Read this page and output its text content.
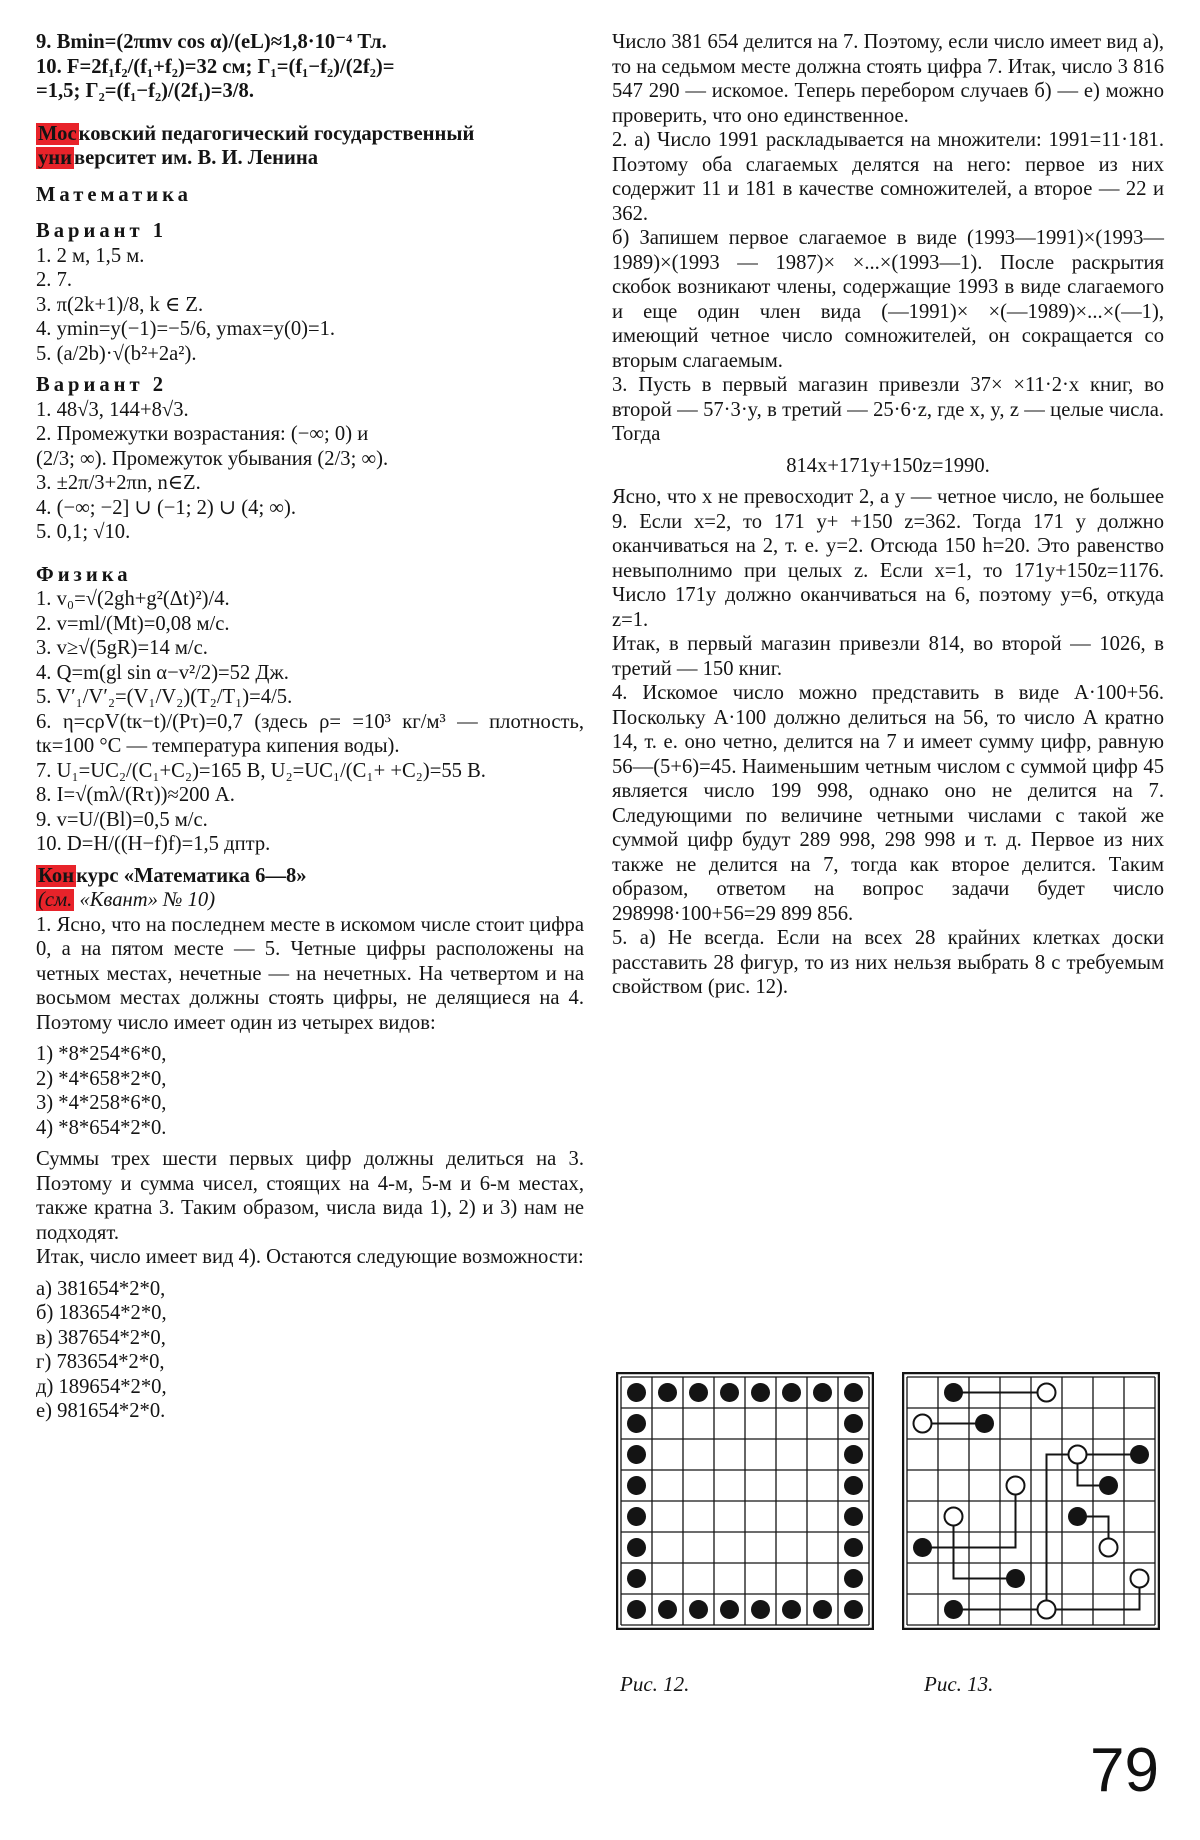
9. Bmin=(2πmv cos α)/(eL)≈1,8·10⁻⁴ Тл.

10. F=2f₁f₂/(f₁+f₂)=32 см; Γ₁=(f₁−f₂)/(2f₂)=

=1,5; Γ₂=(f₁−f₂)/(2f₁)=3/8.

Московский педагогический государственный

университет им. В. И. Ленина

Математика

Вариант 1

1. 2 м, 1,5 м.

2. 7.

3. π(2k+1)/8, k ∈ Z.

4. ymin=y(−1)=−5/6, ymax=y(0)=1.

5. (a/2b)·√(b²+2a²).

Вариант 2

1. 48√3, 144+8√3.

2. Промежутки возрастания: (−∞; 0) и

(2/3; ∞). Промежуток убывания (2/3; ∞).

3. ±2π/3+2πn, n∈Z.

4. (−∞; −2] ∪ (−1; 2) ∪ (4; ∞).

5. 0,1; √10.

Физика

1. v₀=√(2gh+g²(Δt)²)/4.

2. v=ml/(Mt)=0,08 м/с.

3. v≥√(5gR)=14 м/с.

4. Q=m(gl sin α−v²/2)=52 Дж.

5. V′₁/V′₂=(V₁/V₂)(T₂/T₁)=4/5.

6. η=cρV(tк−t)/(Pτ)=0,7 (здесь ρ= =10³ кг/м³ — плотность, tк=100 °С — температура кипения воды).

7. U₁=UC₂/(C₁+C₂)=165 В, U₂=UC₁/(C₁+ +C₂)=55 В.

8. I=√(mλ/(Rτ))≈200 А.

9. v=U/(Bl)=0,5 м/с.

10. D=H/((H−f)f)=1,5 дптр.

Конкурс «Математика 6—8»

(см. «Квант» № 10)

1. Ясно, что на последнем месте в искомом числе стоит цифра 0, а на пятом месте — 5. Четные цифры расположены на четных местах, нечетные — на нечетных. На четвертом и на восьмом местах должны стоять цифры, не делящиеся на 4. Поэтому число имеет один из четырех видов:

1) *8*254*6*0,

2) *4*658*2*0,

3) *4*258*6*0,

4) *8*654*2*0.

Суммы трех шести первых цифр должны делиться на 3. Поэтому и сумма чисел, стоящих на 4-м, 5-м и 6-м местах, также кратна 3. Таким образом, числа вида 1), 2) и 3) нам не подходят.

Итак, число имеет вид 4). Остаются следующие возможности:

а) 381654*2*0,

б) 183654*2*0,

в) 387654*2*0,

г) 783654*2*0,

д) 189654*2*0,

е) 981654*2*0.

Число 381 654 делится на 7. Поэтому, если число имеет вид а), то на седьмом месте должна стоять цифра 7. Итак, число 3 816 547 290 — искомое. Теперь перебором случаев б) — е) можно проверить, что оно единственное.

2. а) Число 1991 раскладывается на множители: 1991=11·181. Поэтому оба слагаемых делятся на него: первое из них содержит 11 и 181 в качестве сомножителей, а второе — 22 и 362.

б) Запишем первое слагаемое в виде (1993—1991)×(1993—1989)×(1993 — 1987)× ×...×(1993—1). После раскрытия скобок возникают члены, содержащие 1993 в виде слагаемого и еще один член вида (—1991)× ×(—1989)×...×(—1), имеющий четное число сомножителей, он сокращается со вторым слагаемым.

3. Пусть в первый магазин привезли 37× ×11·2·x книг, во второй — 57·3·y, в третий — 25·6·z, где x, y, z — целые числа. Тогда

814x+171y+150z=1990.

Ясно, что x не превосходит 2, а y — четное число, не большее 9. Если x=2, то 171 y+ +150 z=362. Тогда 171 y должно оканчиваться на 2, т. е. y=2. Отсюда 150 h=20. Это равенство невыполнимо при целых z. Если x=1, то 171y+150z=1176. Число 171y должно оканчиваться на 6, поэтому y=6, откуда z=1.

Итак, в первый магазин привезли 814, во второй — 1026, в третий — 150 книг.

4. Искомое число можно представить в виде A·100+56. Поскольку A·100 должно делиться на 56, то число A кратно 14, т. е. оно четно, делится на 7 и имеет сумму цифр, равную 56—(5+6)=45. Наименьшим четным числом с суммой цифр 45 является число 199 998, однако оно не делится на 7. Следующими по величине четными числами с такой же суммой цифр будут 289 998, 298 998 и т. д. Первое из них также не делится на 7, тогда как второе делится. Таким образом, ответом на вопрос задачи будет число 298998·100+56=29 899 856.

5. а) Не всегда. Если на всех 28 крайних клетках доски расставить 28 фигур, то из них нельзя выбрать 8 с требуемым свойством (рис. 12).

Рис. 12.	Рис. 13.
79
